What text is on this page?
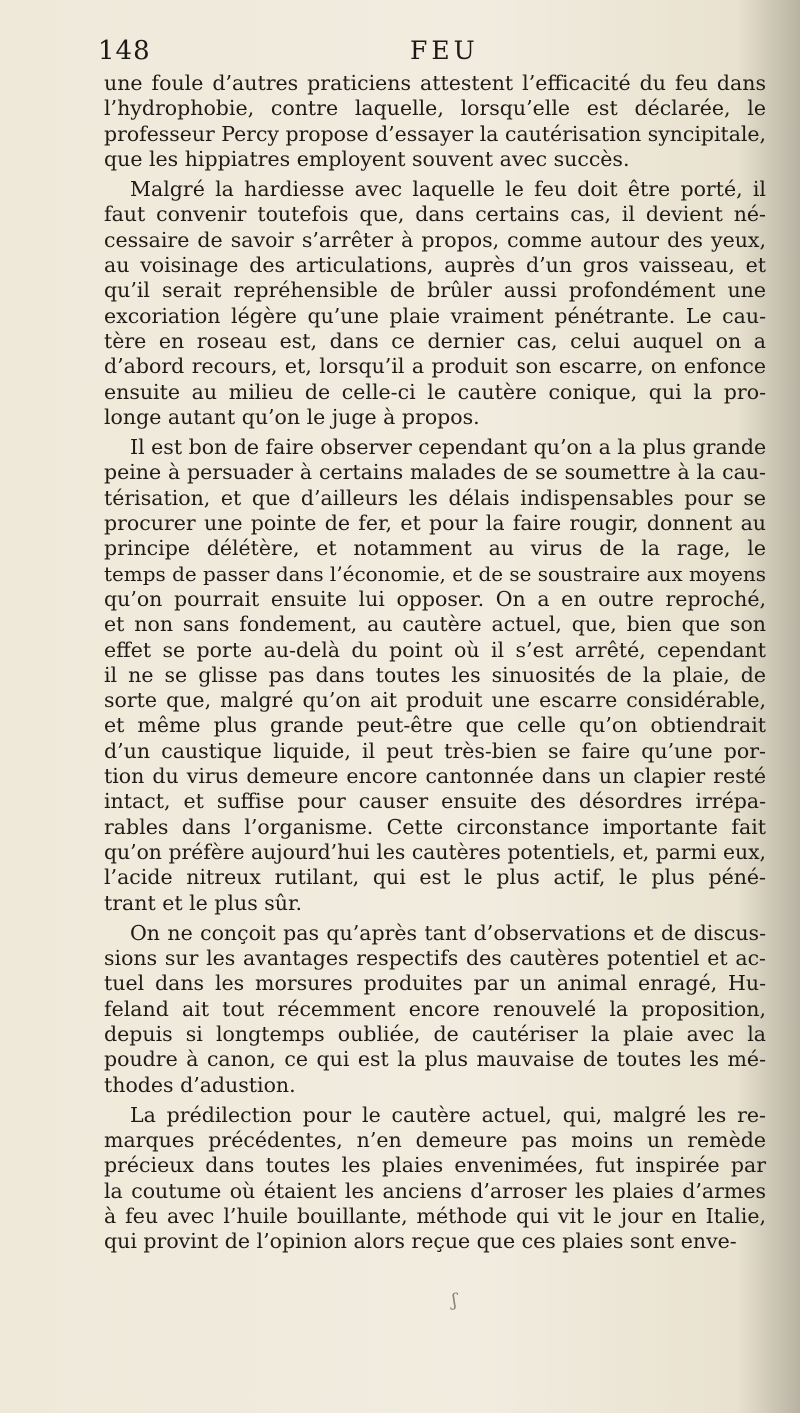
148	FEU
une foule d’autres praticiens attestent l’efficacité du feu dans
l’hydrophobie, contre laquelle, lorsqu’elle est déclarée, le
professeur Percy propose d’essayer la cautérisation syncipitale,
que les hippiatres employent souvent avec succès.
Malgré la hardiesse avec laquelle le feu doit être porté, il
faut convenir toutefois que, dans certains cas, il devient né-
cessaire de savoir s’arrêter à propos, comme autour des yeux,
au voisinage des articulations, auprès d’un gros vaisseau, et
qu’il serait repréhensible de brûler aussi profondément une
excoriation légère qu’une plaie vraiment pénétrante. Le cau-
tère en roseau est, dans ce dernier cas, celui auquel on a
d’abord recours, et, lorsqu’il a produit son escarre, on enfonce
ensuite au milieu de celle-ci le cautère conique, qui la pro-
longe autant qu’on le juge à propos.
Il est bon de faire observer cependant qu’on a la plus grande
peine à persuader à certains malades de se soumettre à la cau-
térisation, et que d’ailleurs les délais indispensables pour se
procurer une pointe de fer, et pour la faire rougir, donnent au
principe délétère, et notamment au virus de la rage, le
temps de passer dans l’économie, et de se soustraire aux moyens
qu’on pourrait ensuite lui opposer. On a en outre reproché,
et non sans fondement, au cautère actuel, que, bien que son
effet se porte au-delà du point où il s’est arrêté, cependant
il ne se glisse pas dans toutes les sinuosités de la plaie, de
sorte que, malgré qu’on ait produit une escarre considérable,
et même plus grande peut-être que celle qu’on obtiendrait
d’un caustique liquide, il peut très-bien se faire qu’une por-
tion du virus demeure encore cantonnée dans un clapier resté
intact, et suffise pour causer ensuite des désordres irrépa-
rables dans l’organisme. Cette circonstance importante fait
qu’on préfère aujourd’hui les cautères potentiels, et, parmi eux,
l’acide nitreux rutilant, qui est le plus actif, le plus péné-
trant et le plus sûr.
On ne conçoit pas qu’après tant d’observations et de discus-
sions sur les avantages respectifs des cautères potentiel et ac-
tuel dans les morsures produites par un animal enragé, Hu-
feland ait tout récemment encore renouvelé la proposition,
depuis si longtemps oubliée, de cautériser la plaie avec la
poudre à canon, ce qui est la plus mauvaise de toutes les mé-
thodes d’adustion.
La prédilection pour le cautère actuel, qui, malgré les re-
marques précédentes, n’en demeure pas moins un remède
précieux dans toutes les plaies envenimées, fut inspirée par
la coutume où étaient les anciens d’arroser les plaies d’armes
à feu avec l’huile bouillante, méthode qui vit le jour en Italie,
qui provint de l’opinion alors reçue que ces plaies sont enve-
ʃ
